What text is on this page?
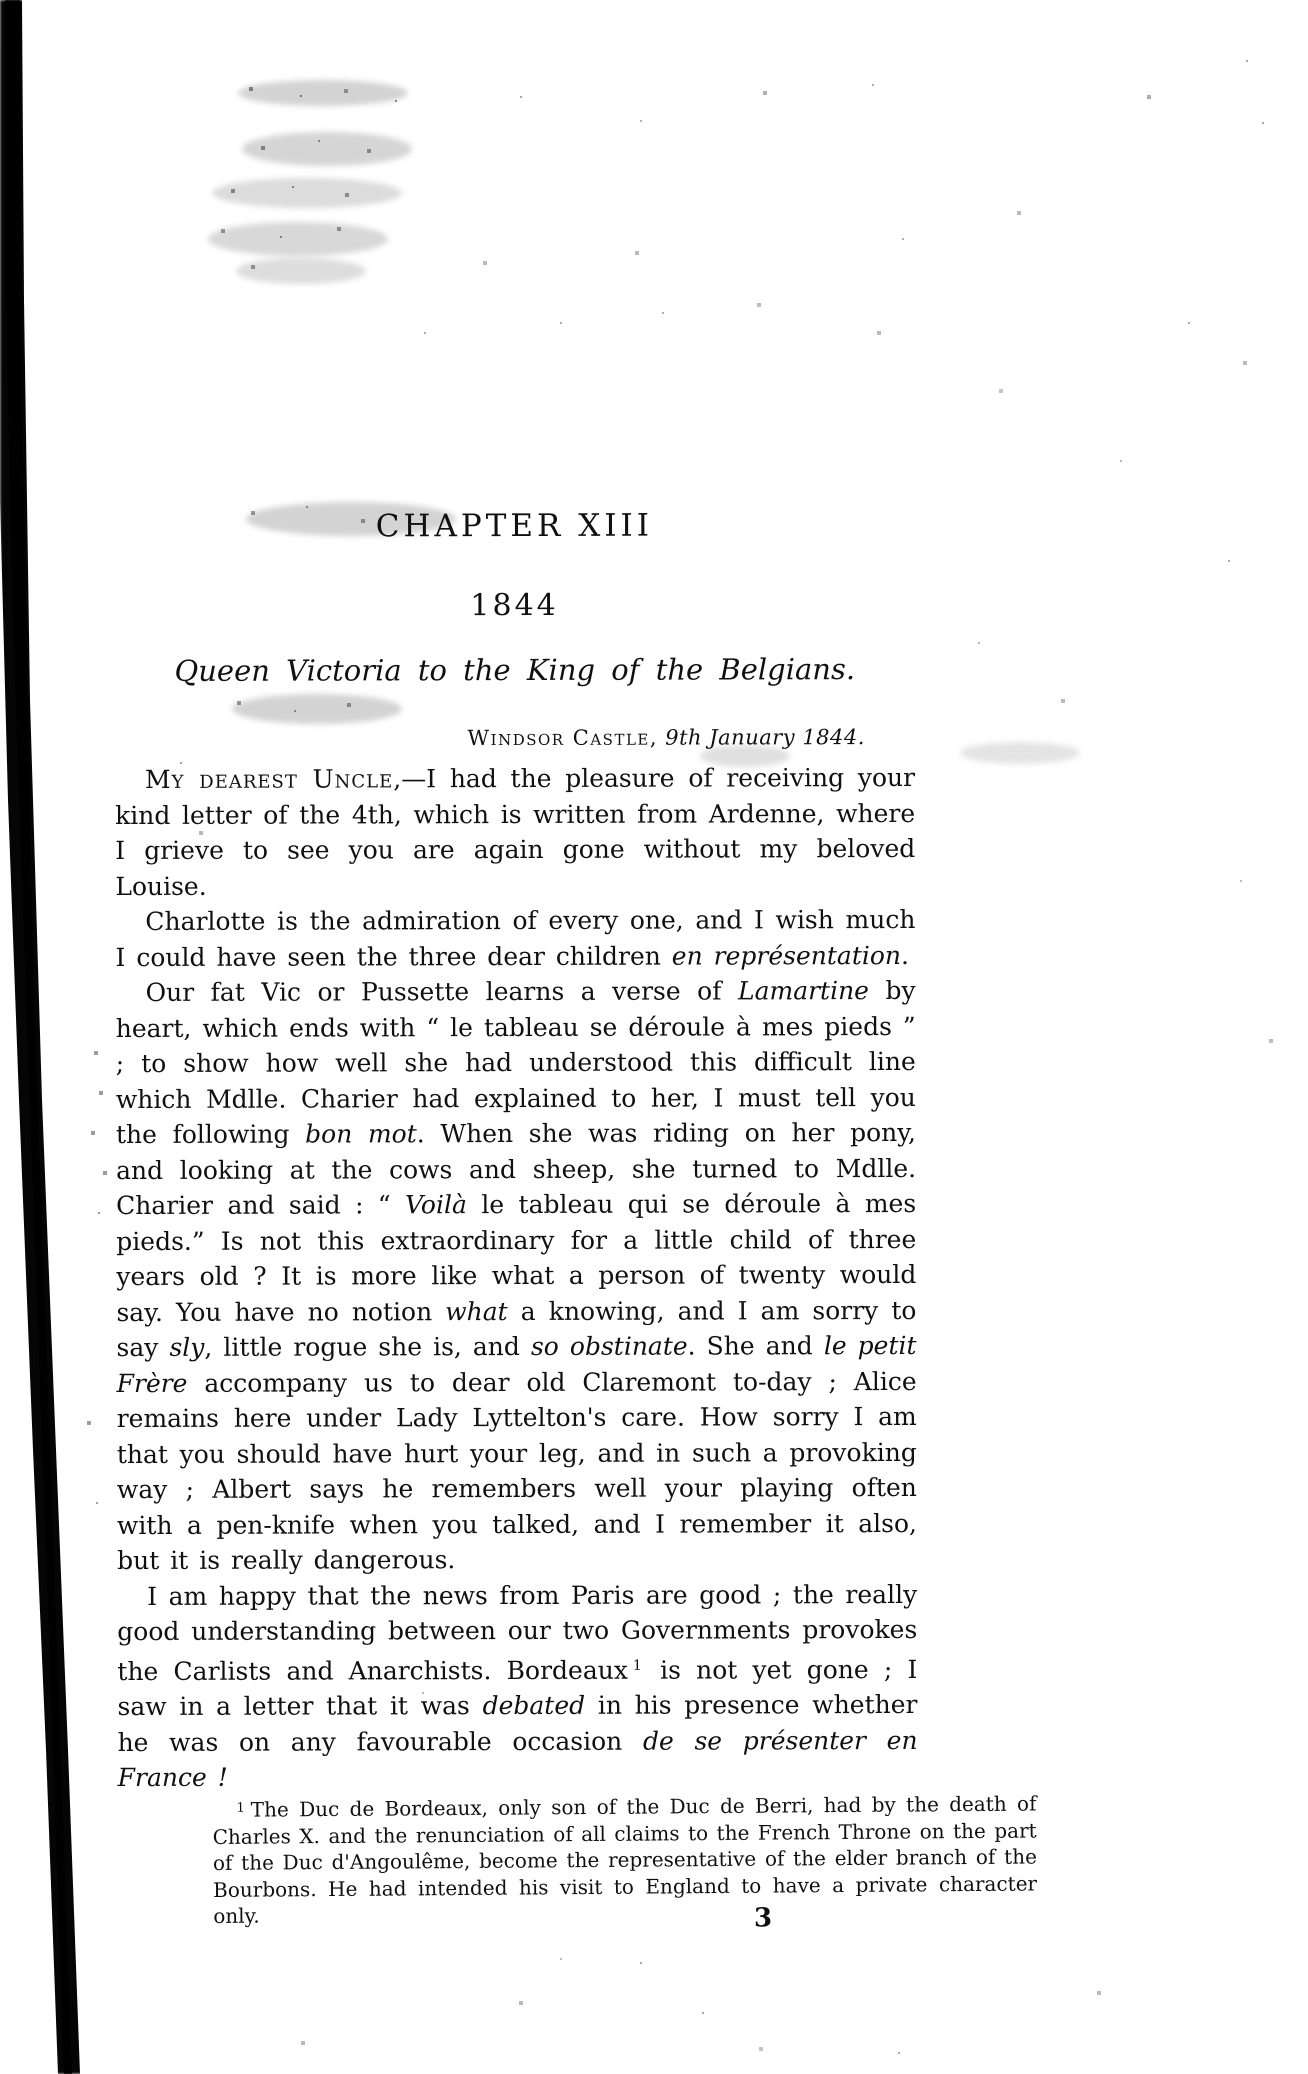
CHAPTER XIII
1844
Queen Victoria to the King of the Belgians.
Windsor Castle, 9th January 1844.

My dearest Uncle,—I had the pleasure of receiving your kind letter of the 4th, which is written from Ardenne, where I grieve to see you are again gone without my beloved Louise.

Charlotte is the admiration of every one, and I wish much I could have seen the three dear children en représentation.

Our fat Vic or Pussette learns a verse of Lamartine by heart, which ends with “ le tableau se déroule à mes pieds ” ; to show how well she had understood this difficult line which Mdlle. Charier had explained to her, I must tell you the following bon mot. When she was riding on her pony, and looking at the cows and sheep, she turned to Mdlle. Charier and said : “ Voilà le tableau qui se déroule à mes pieds.” Is not this extraordinary for a little child of three years old ? It is more like what a person of twenty would say. You have no notion what a knowing, and I am sorry to say sly, little rogue she is, and so obstinate. She and le petit Frère accompany us to dear old Claremont to-day ; Alice remains here under Lady Lyttelton's care. How sorry I am that you should have hurt your leg, and in such a provoking way ; Albert says he remembers well your playing often with a pen-knife when you talked, and I remember it also, but it is really dangerous.

I am happy that the news from Paris are good ; the really good understanding between our two Governments provokes the Carlists and Anarchists. Bordeaux $^1$ is not yet gone ; I saw in a letter that it was debated in his presence whether he was on any favourable occasion de se présenter en France !

$^1$ The Duc de Bordeaux, only son of the Duc de Berri, had by the death of Charles X. and the renunciation of all claims to the French Throne on the part of the Duc d'Angoulême, become the representative of the elder branch of the Bourbons. He had intended his visit to England to have a private character only.	3
